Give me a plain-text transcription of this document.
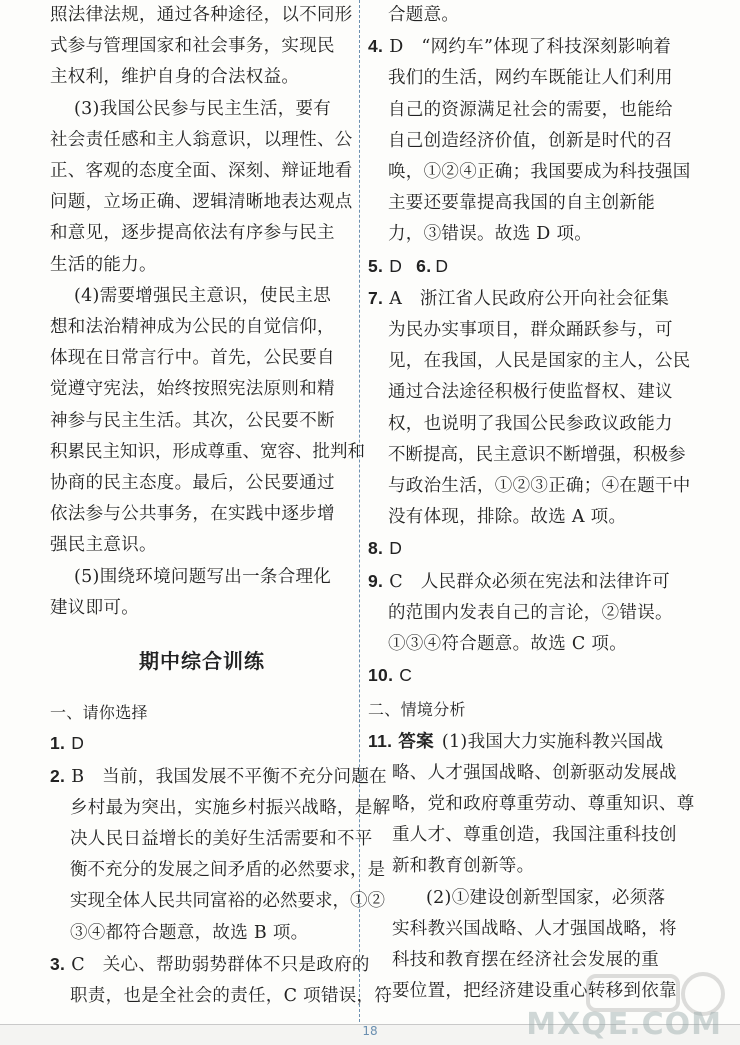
照法律法规，通过各种途径，以不同形
式参与管理国家和社会事务，实现民
主权利，维护自身的合法权益。
(3)我国公民参与民主生活，要有
社会责任感和主人翁意识，以理性、公
正、客观的态度全面、深刻、辩证地看
问题，立场正确、逻辑清晰地表达观点
和意见，逐步提高依法有序参与民主
生活的能力。
(4)需要增强民主意识，使民主思
想和法治精神成为公民的自觉信仰，
体现在日常言行中。首先，公民要自
觉遵守宪法，始终按照宪法原则和精
神参与民主生活。其次，公民要不断
积累民主知识，形成尊重、宽容、批判和
协商的民主态度。最后，公民要通过
依法参与公共事务，在实践中逐步增
强民主意识。
(5)围绕环境问题写出一条合理化
建议即可。
期中综合训练
一、请你选择
1. D
2. B　当前，我国发展不平衡不充分问题在
乡村最为突出，实施乡村振兴战略，是解
决人民日益增长的美好生活需要和不平
衡不充分的发展之间矛盾的必然要求，是
实现全体人民共同富裕的必然要求，①②
③④都符合题意，故选 B 项。
3. C　关心、帮助弱势群体不只是政府的
职责，也是全社会的责任，C 项错误，符
合题意。
4. D　“网约车”体现了科技深刻影响着
我们的生活，网约车既能让人们利用
自己的资源满足社会的需要，也能给
自己创造经济价值，创新是时代的召
唤，①②④正确；我国要成为科技强国
主要还要靠提高我国的自主创新能
力，③错误。故选 D 项。
5. D 6. D
7. A　浙江省人民政府公开向社会征集
为民办实事项目，群众踊跃参与，可
见，在我国，人民是国家的主人，公民
通过合法途径积极行使监督权、建议
权，也说明了我国公民参政议政能力
不断提高，民主意识不断增强，积极参
与政治生活，①②③正确；④在题干中
没有体现，排除。故选 A 项。
8. D
9. C　人民群众必须在宪法和法律许可
的范围内发表自己的言论，②错误。
①③④符合题意。故选 C 项。
10. C
二、情境分析
11. 答案 (1)我国大力实施科教兴国战
略、人才强国战略、创新驱动发展战
略，党和政府尊重劳动、尊重知识、尊
重人才、尊重创造，我国注重科技创
新和教育创新等。
(2)①建设创新型国家，必须落
实科教兴国战略、人才强国战略，将
科技和教育摆在经济社会发展的重
要位置，把经济建设重心转移到依靠
18	MXQE.COM
